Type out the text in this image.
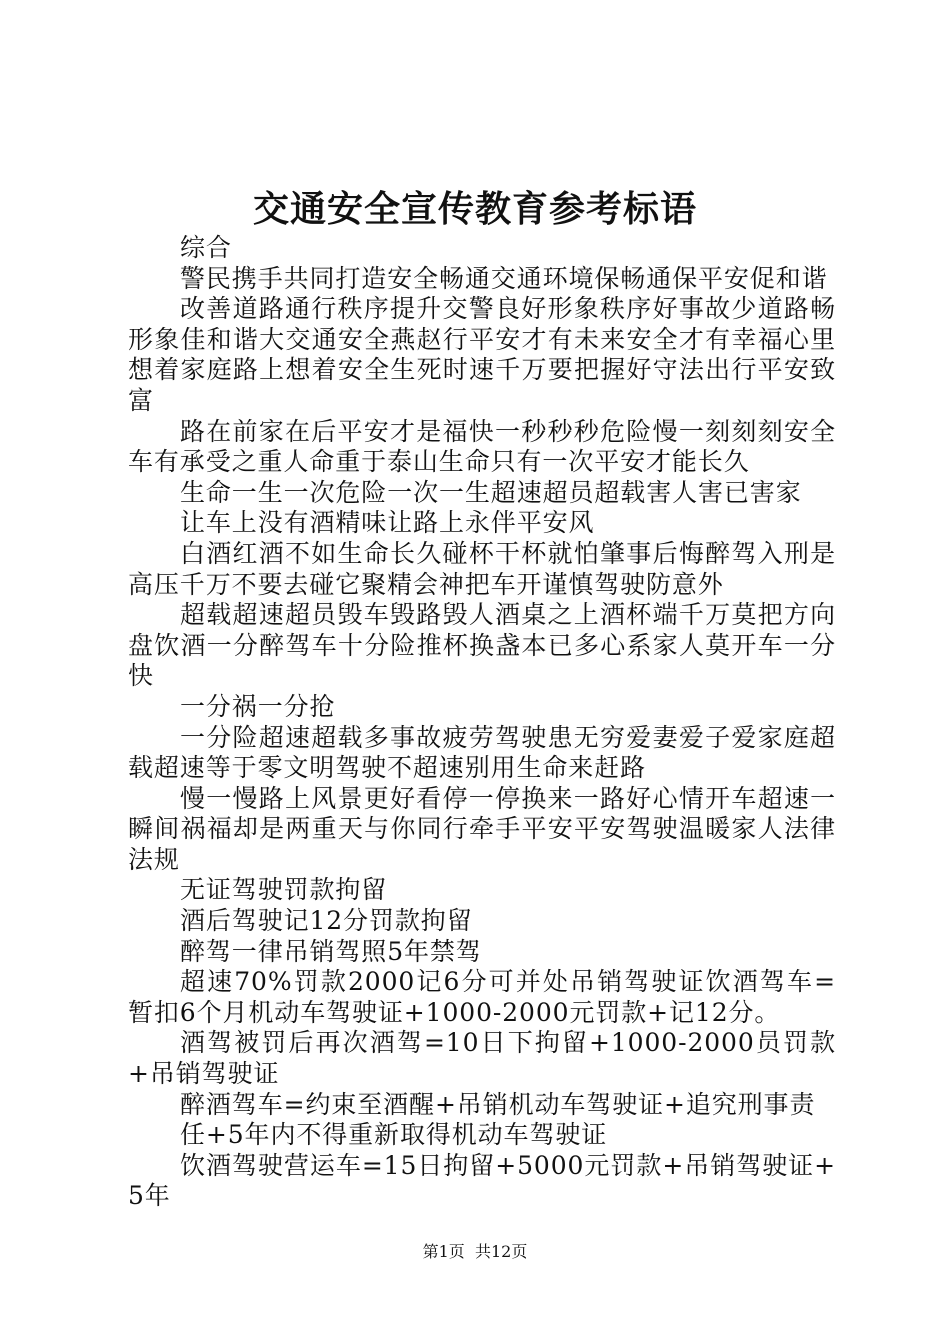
交通安全宣传教育参考标语

综合

警民携手共同打造安全畅通交通环境保畅通保平安促和谐

改善道路通行秩序提升交警良好形象秩序好事故少道路畅形象佳和谐大交通安全燕赵行平安才有未来安全才有幸福心里想着家庭路上想着安全生死时速千万要把握好守法出行平安致富

路在前家在后平安才是福快一秒秒秒危险慢一刻刻刻安全车有承受之重人命重于泰山生命只有一次平安才能长久

生命一生一次危险一次一生超速超员超载害人害已害家

让车上没有酒精味让路上永伴平安风

白酒红酒不如生命长久碰杯干杯就怕肇事后悔醉驾入刑是高压千万不要去碰它聚精会神把车开谨慎驾驶防意外

超载超速超员毁车毁路毁人酒桌之上酒杯端千万莫把方向盘饮酒一分醉驾车十分险推杯换盏本已多心系家人莫开车一分快

一分祸一分抢

一分险超速超载多事故疲劳驾驶患无穷爱妻爱子爱家庭超载超速等于零文明驾驶不超速别用生命来赶路

慢一慢路上风景更好看停一停换来一路好心情开车超速一瞬间祸福却是两重天与你同行牵手平安平安驾驶温暖家人法律法规

无证驾驶罚款拘留

酒后驾驶记12分罚款拘留

醉驾一律吊销驾照5年禁驾

超速70%罚款2000记6分可并处吊销驾驶证饮酒驾车=暂扣6个月机动车驾驶证+1000-2000元罚款+记12分。

酒驾被罚后再次酒驾=10日下拘留+1000-2000员罚款+吊销驾驶证

醉酒驾车=约束至酒醒+吊销机动车驾驶证+追究刑事责

任+5年内不得重新取得机动车驾驶证

饮酒驾驶营运车=15日拘留+5000元罚款+吊销驾驶证+5年

第1页 共12页
